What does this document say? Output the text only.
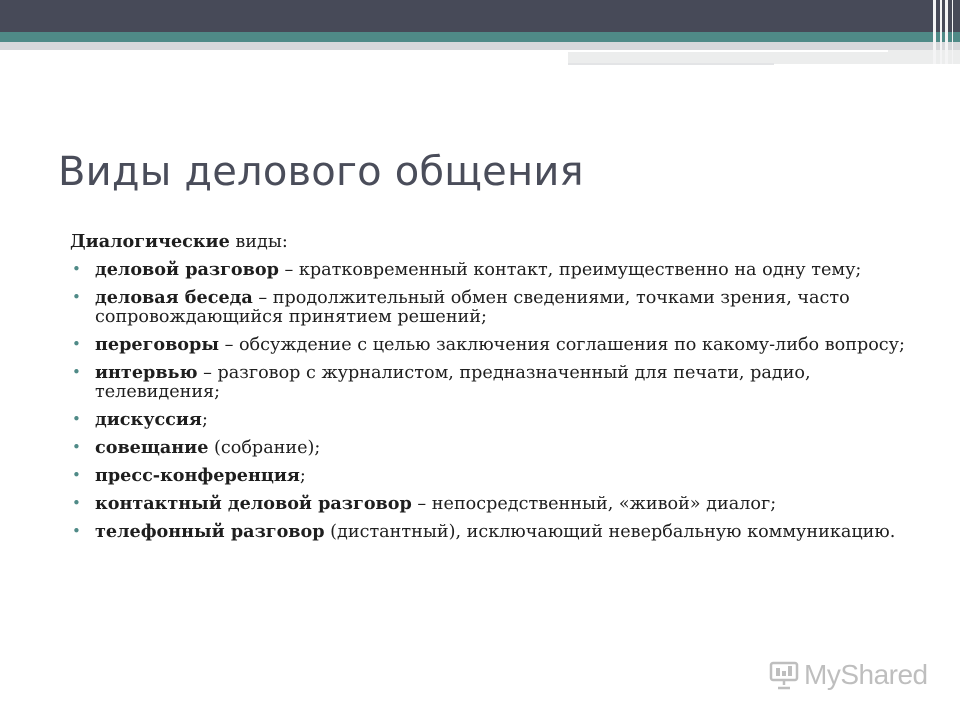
Виды делового общения

Диалогические виды:

• деловой разговор – кратковременный контакт, преимущественно на одну тему;
• деловая беседа – продолжительный обмен сведениями, точками зрения, часто сопровождающийся принятием решений;
• переговоры – обсуждение с целью заключения соглашения по какому-либо вопросу;
• интервью – разговор с журналистом, предназначенный для печати, радио, телевидения;
• дискуссия;
• совещание (собрание);
• пресс-конференция;
• контактный деловой разговор – непосредственный, «живой» диалог;
• телефонный разговор (дистантный), исключающий невербальную коммуникацию.
MyShared
